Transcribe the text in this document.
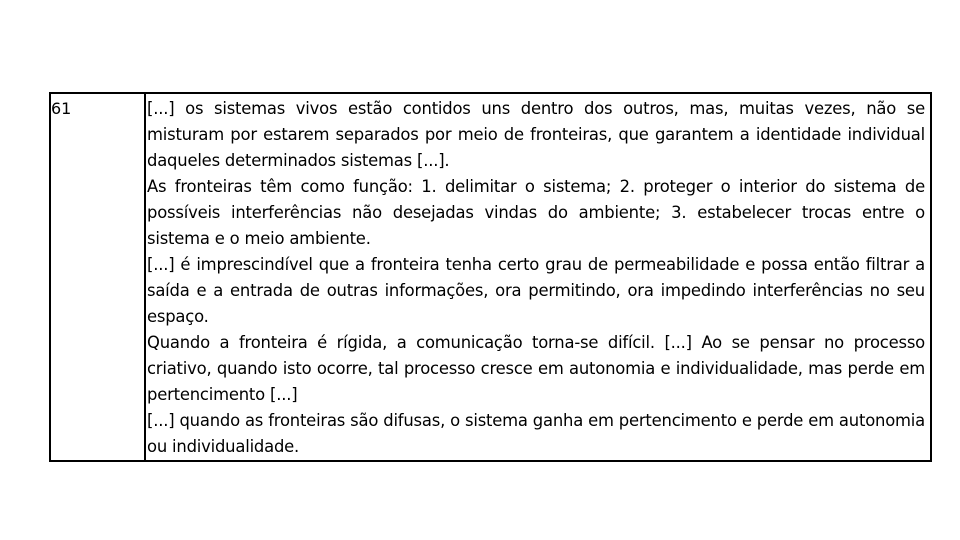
61	[...] os sistemas vivos estão contidos uns dentro dos outros, mas, muitas vezes, não se misturam por estarem separados por meio de fronteiras, que garantem a identidade individual daqueles determinados sistemas [...].

As fronteiras têm como função: 1. delimitar o sistema; 2. proteger o interior do sistema de possíveis interferências não desejadas vindas do ambiente; 3. estabelecer trocas entre o sistema e o meio ambiente.

[...] é imprescindível que a fronteira tenha certo grau de permeabilidade e possa então filtrar a saída e a entrada de outras informações, ora permitindo, ora impedindo interferências no seu espaço.

Quando a fronteira é rígida, a comunicação torna-se difícil. [...] Ao se pensar no processo criativo, quando isto ocorre, tal processo cresce em autonomia e individualidade, mas perde em pertencimento [...]

[...] quando as fronteiras são difusas, o sistema ganha em pertencimento e perde em autonomia ou individualidade.
